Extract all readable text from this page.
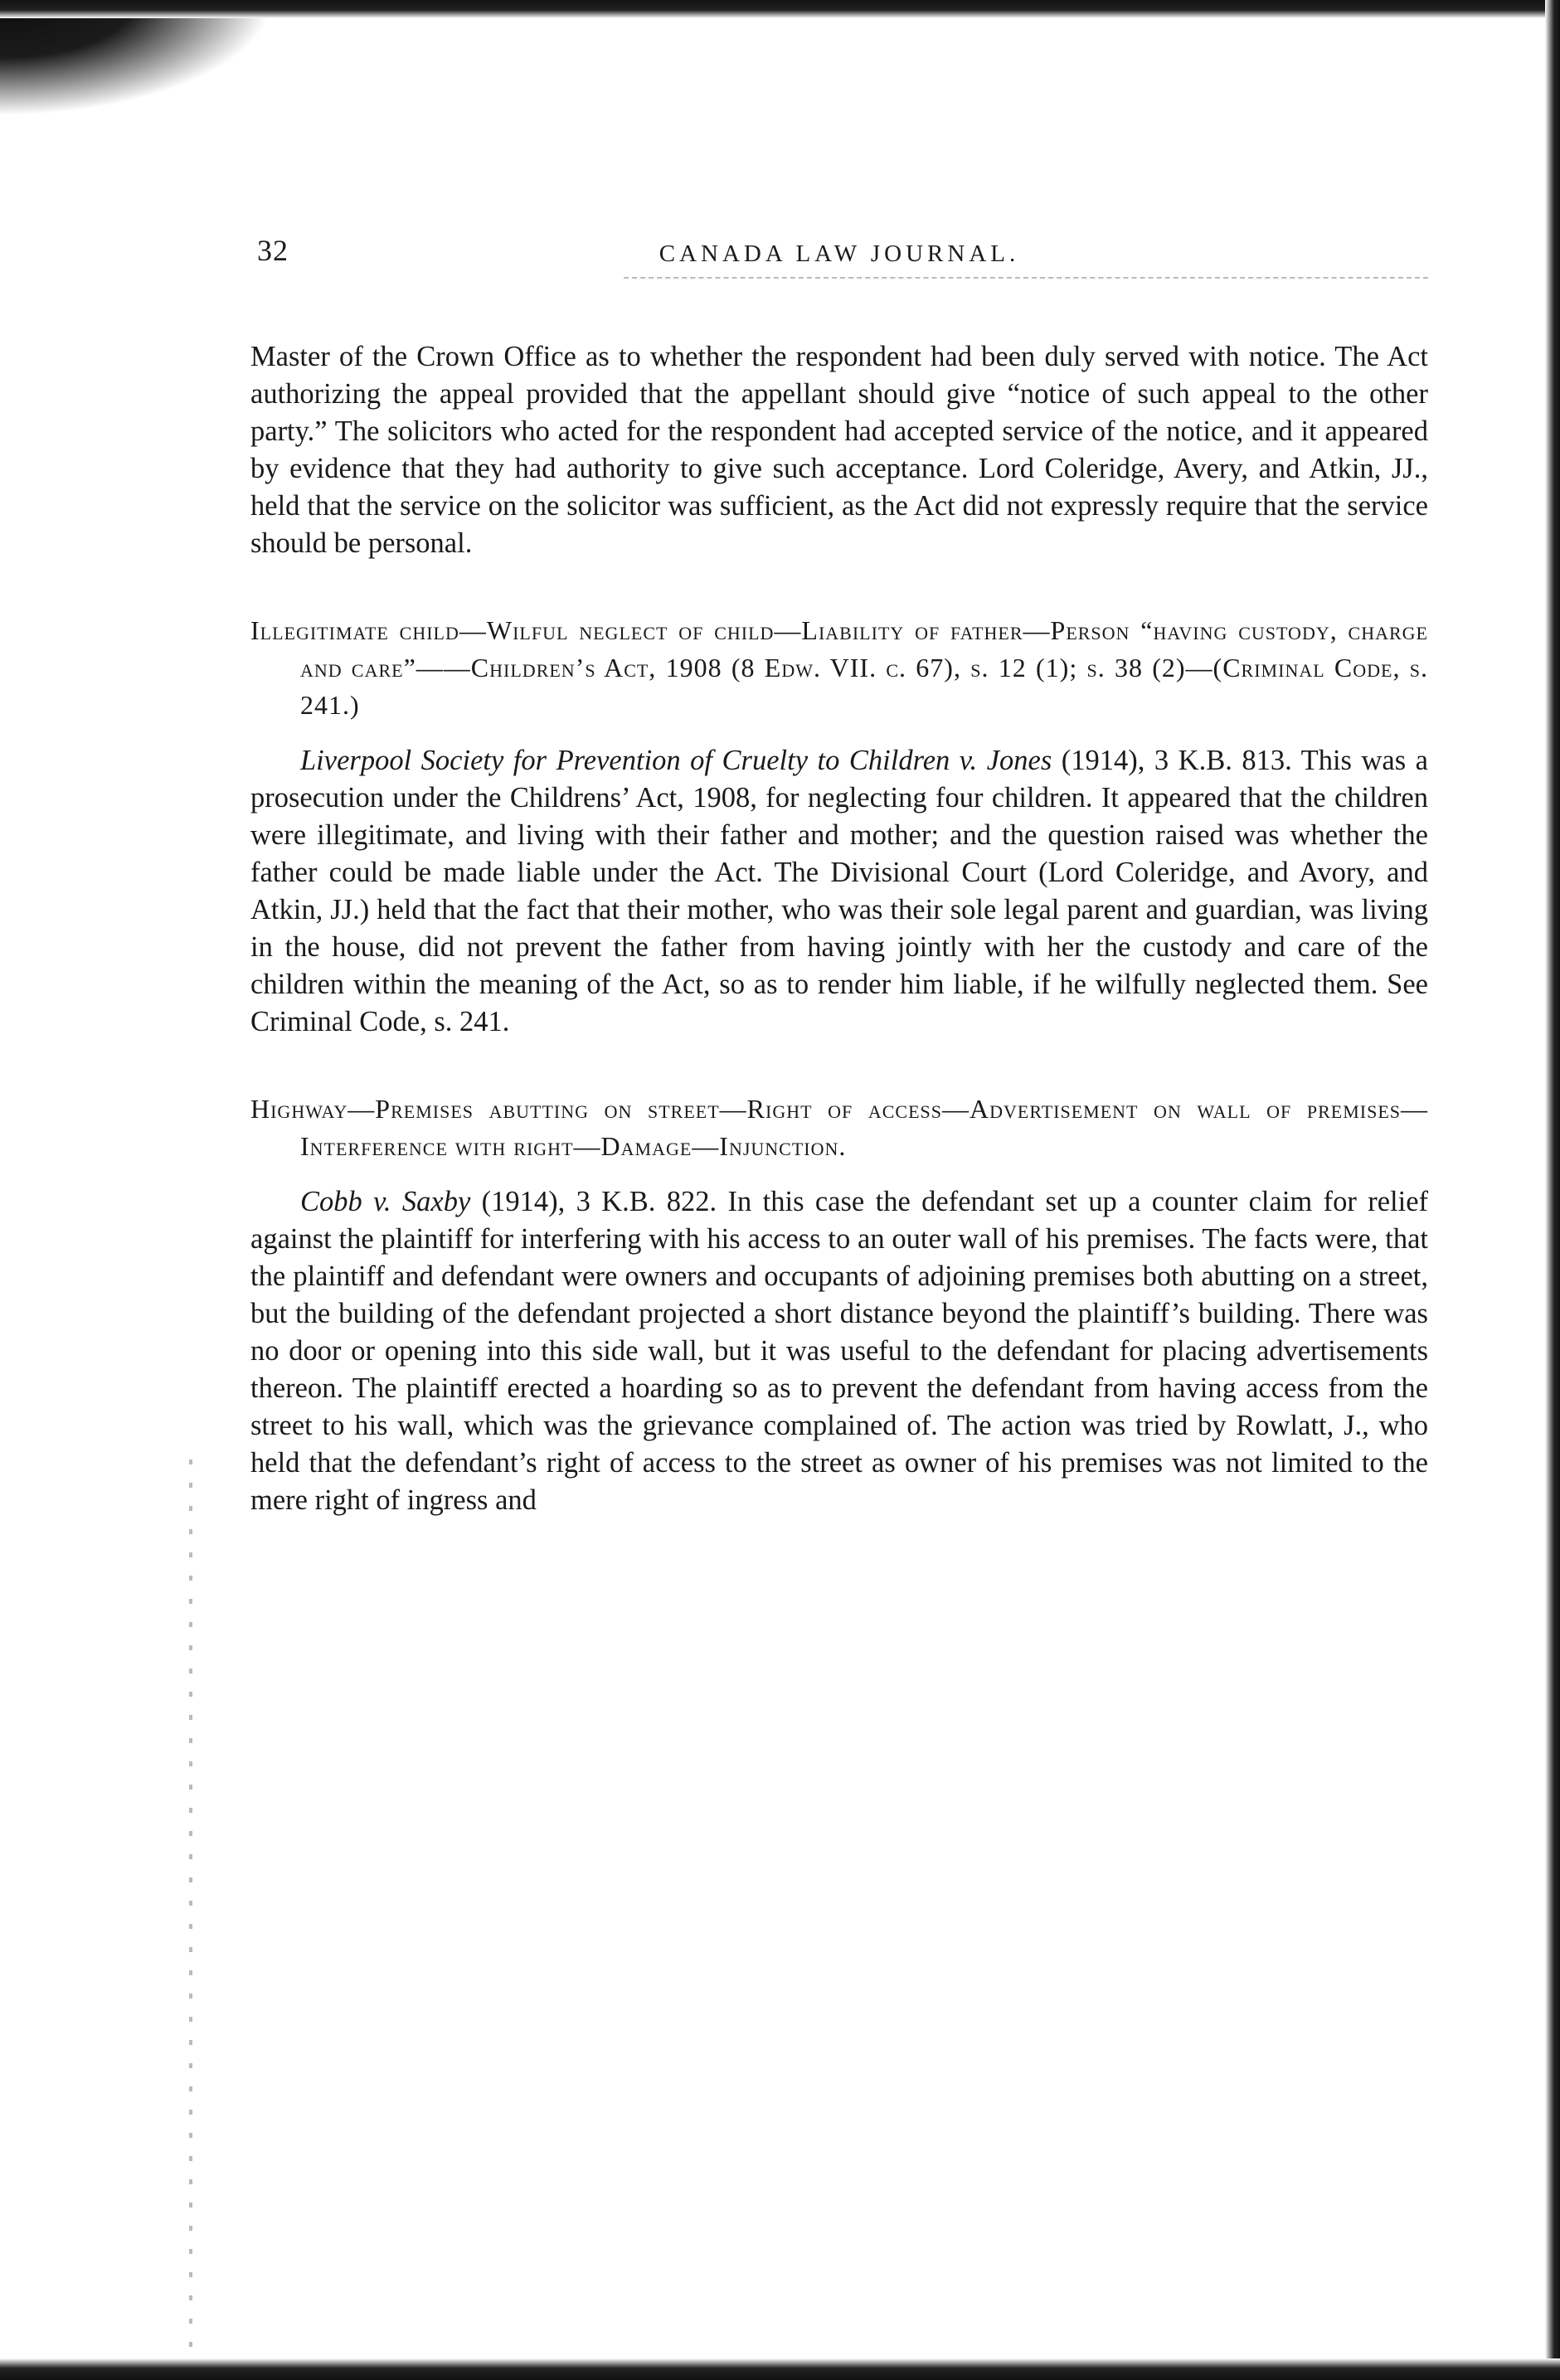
32	CANADA LAW JOURNAL.

Master of the Crown Office as to whether the respondent had been duly served with notice. The Act authorizing the appeal provided that the appellant should give “notice of such appeal to the other party.” The solicitors who acted for the respondent had accepted service of the notice, and it appeared by evidence that they had authority to give such acceptance. Lord Coleridge, Avery, and Atkin, JJ., held that the service on the solicitor was sufficient, as the Act did not expressly require that the service should be personal.

Illegitimate child—Wilful neglect of child—Liability of father—Person “having custody, charge and care”——Children’s Act, 1908 (8 Edw. VII. c. 67), s. 12 (1); s. 38 (2)—(Criminal Code, s. 241.)

Liverpool Society for Prevention of Cruelty to Children v. Jones (1914), 3 K.B. 813. This was a prosecution under the Childrens’ Act, 1908, for neglecting four children. It appeared that the children were illegitimate, and living with their father and mother; and the question raised was whether the father could be made liable under the Act. The Divisional Court (Lord Coleridge, and Avory, and Atkin, JJ.) held that the fact that their mother, who was their sole legal parent and guardian, was living in the house, did not prevent the father from having jointly with her the custody and care of the children within the meaning of the Act, so as to render him liable, if he wilfully neglected them. See Criminal Code, s. 241.

Highway—Premises abutting on street—Right of access—Advertisement on wall of premises—Interference with right—Damage—Injunction.

Cobb v. Saxby (1914), 3 K.B. 822. In this case the defendant set up a counter claim for relief against the plaintiff for interfering with his access to an outer wall of his premises. The facts were, that the plaintiff and defendant were owners and occupants of adjoining premises both abutting on a street, but the building of the defendant projected a short distance beyond the plaintiff’s building. There was no door or opening into this side wall, but it was useful to the defendant for placing advertisements thereon. The plaintiff erected a hoarding so as to prevent the defendant from having access from the street to his wall, which was the grievance complained of. The action was tried by Rowlatt, J., who held that the defendant’s right of access to the street as owner of his premises was not limited to the mere right of ingress and
